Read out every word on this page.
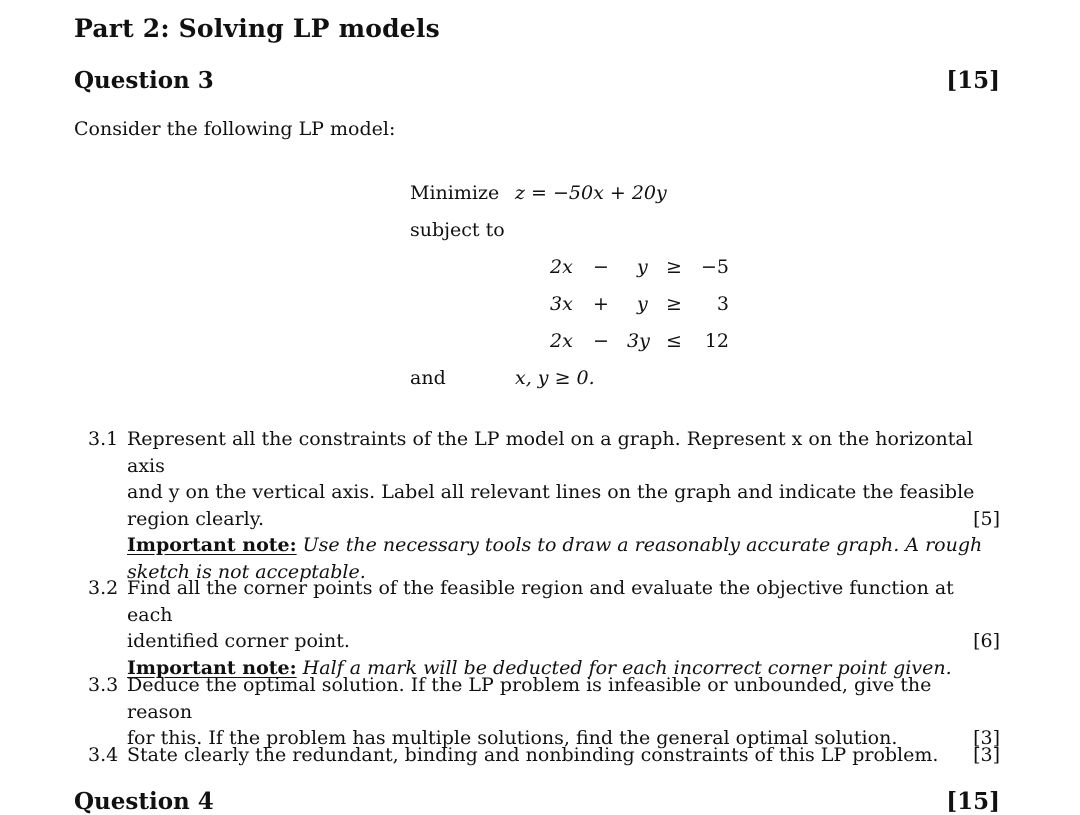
Part 2: Solving LP models
Question 3	[15]
Consider the following LP model:
Minimize z = −50x + 20y
subject to
2x − y ≥	−5
3x + y ≥	3
2x − 3y ≤	12
and	x, y ≥ 0.
3.1 Represent all the constraints of the LP model on a graph. Represent x on the horizontal axis
and y on the vertical axis. Label all relevant lines on the graph and indicate the feasible
region clearly.	[5]
Important note: Use the necessary tools to draw a reasonably accurate graph. A rough
sketch is not acceptable.
3.2 Find all the corner points of the feasible region and evaluate the objective function at each
identified corner point.	[6]
Important note: Half a mark will be deducted for each incorrect corner point given.
3.3 Deduce the optimal solution. If the LP problem is infeasible or unbounded, give the reason
for this. If the problem has multiple solutions, find the general optimal solution.	[3]
3.4 State clearly the redundant, binding and nonbinding constraints of this LP problem. [3]
Question 4	[15]
